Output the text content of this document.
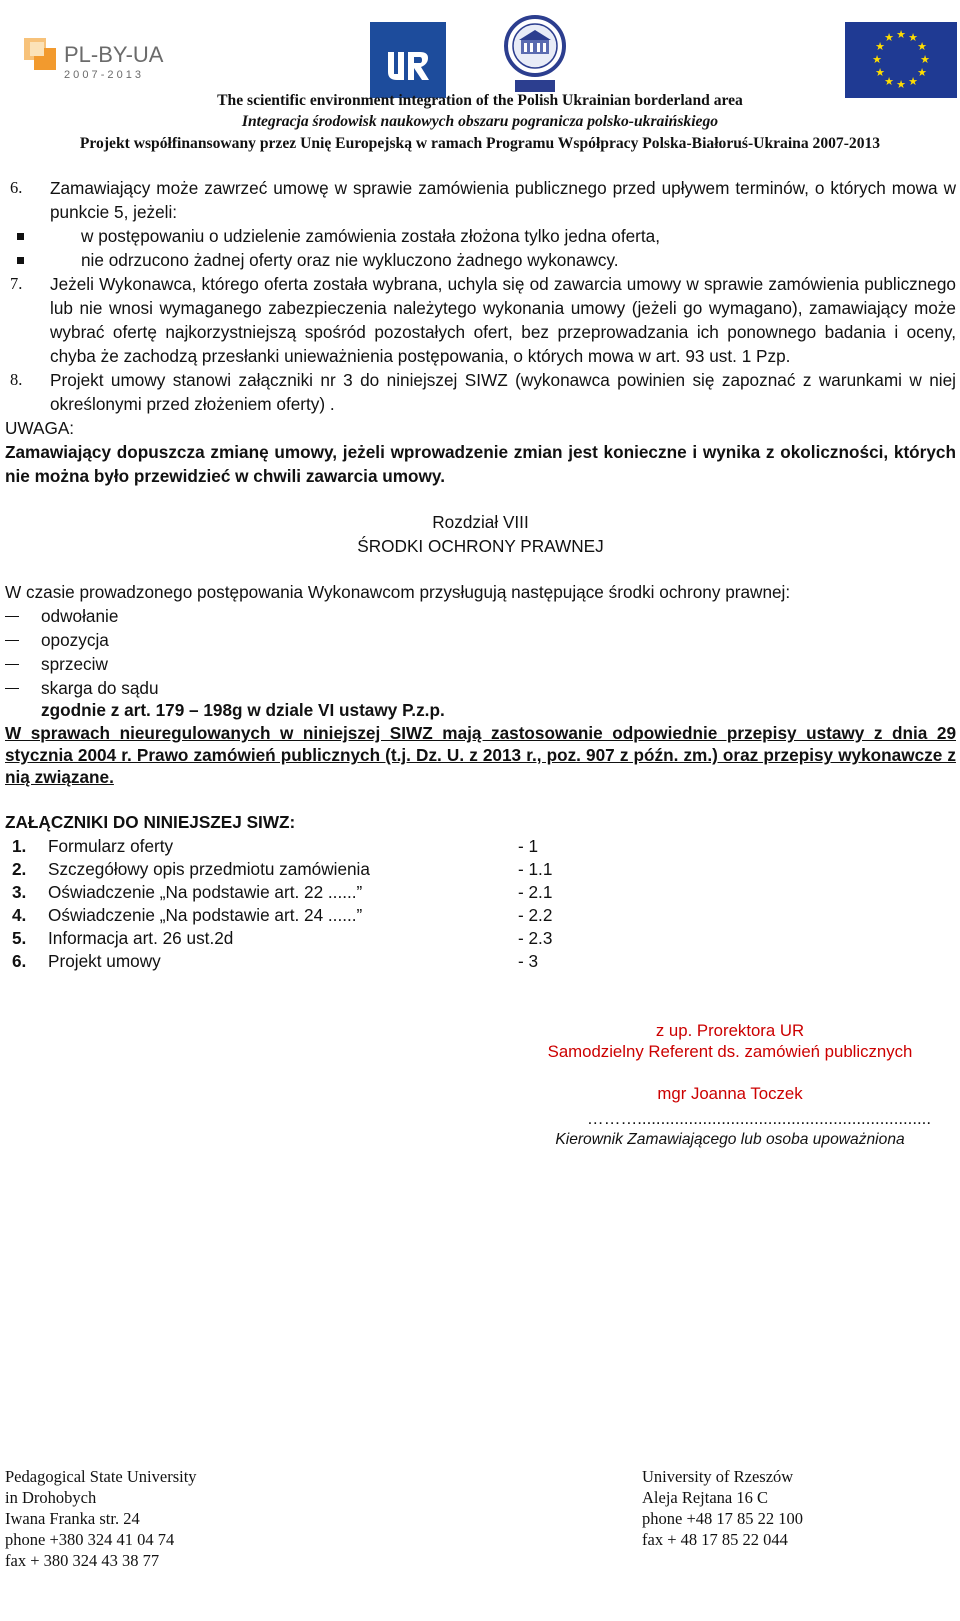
PL-BY-UA
2 0 0 7 - 2 0 1 3
★ ★
★
★
★
★
★
★
★
★
★
★
The scientific environment integration of the Polish Ukrainian borderland area
Integracja środowisk naukowych obszaru pogranicza polsko-ukraińskiego
Projekt współfinansowany przez Unię Europejską w ramach Programu Współpracy Polska-Białoruś-Ukraina 2007-2013
6. Zamawiający może zawrzeć umowę w sprawie zamówienia publicznego przed upływem terminów, o których mowa w punkcie 5, jeżeli:
w postępowaniu o udzielenie zamówienia została złożona tylko jedna oferta,
nie odrzucono żadnej oferty oraz nie wykluczono żadnego wykonawcy.
7. Jeżeli Wykonawca, którego oferta została wybrana, uchyla się od zawarcia umowy w sprawie zamówienia publicznego lub nie wnosi wymaganego zabezpieczenia należytego wykonania umowy (jeżeli go wymagano), zamawiający może wybrać ofertę najkorzystniejszą spośród pozostałych ofert, bez przeprowadzania ich ponownego badania i oceny, chyba że zachodzą przesłanki unieważnienia postępowania, o których mowa w art. 93 ust. 1 Pzp.
8. Projekt umowy stanowi załączniki nr 3 do niniejszej SIWZ (wykonawca powinien się zapoznać z warunkami w niej określonymi przed złożeniem oferty) .
UWAGA:
Zamawiający dopuszcza zmianę umowy, jeżeli wprowadzenie zmian jest konieczne i wynika z okoliczności, których nie można było przewidzieć w chwili zawarcia umowy.
Rozdział VIII
ŚRODKI OCHRONY PRAWNEJ
W czasie prowadzonego postępowania Wykonawcom przysługują następujące środki ochrony prawnej:
odwołanie
opozycja
sprzeciw
skarga do sądu
zgodnie z art. 179 – 198g w dziale VI ustawy P.z.p.
W sprawach nieuregulowanych w niniejszej SIWZ mają zastosowanie odpowiednie przepisy ustawy z dnia 29 stycznia 2004 r. Prawo zamówień publicznych (t.j. Dz. U. z 2013 r., poz. 907 z późn. zm.) oraz przepisy wykonawcze z nią związane.
ZAŁĄCZNIKI DO NINIEJSZEJ SIWZ:
1. Formularz oferty	- 1
2. Szczegółowy opis przedmiotu zamówienia	- 1.1
3. Oświadczenie „Na podstawie art. 22 ......”	- 2.1
4. Oświadczenie „Na podstawie art. 24 ......”	- 2.2
5. Informacja art. 26 ust.2d	- 2.3
6. Projekt umowy	- 3
z up. Prorektora UR
Samodzielny Referent ds. zamówień publicznych
mgr Joanna Toczek
………...............................................................
Kierownik Zamawiającego lub osoba upoważniona
Pedagogical State University
in Drohobych
Iwana Franka str. 24
phone +380 324 41 04 74
fax + 380 324 43 38 77
University of Rzeszów
Aleja Rejtana 16 C
phone +48 17 85 22 100
fax + 48 17 85 22 044
